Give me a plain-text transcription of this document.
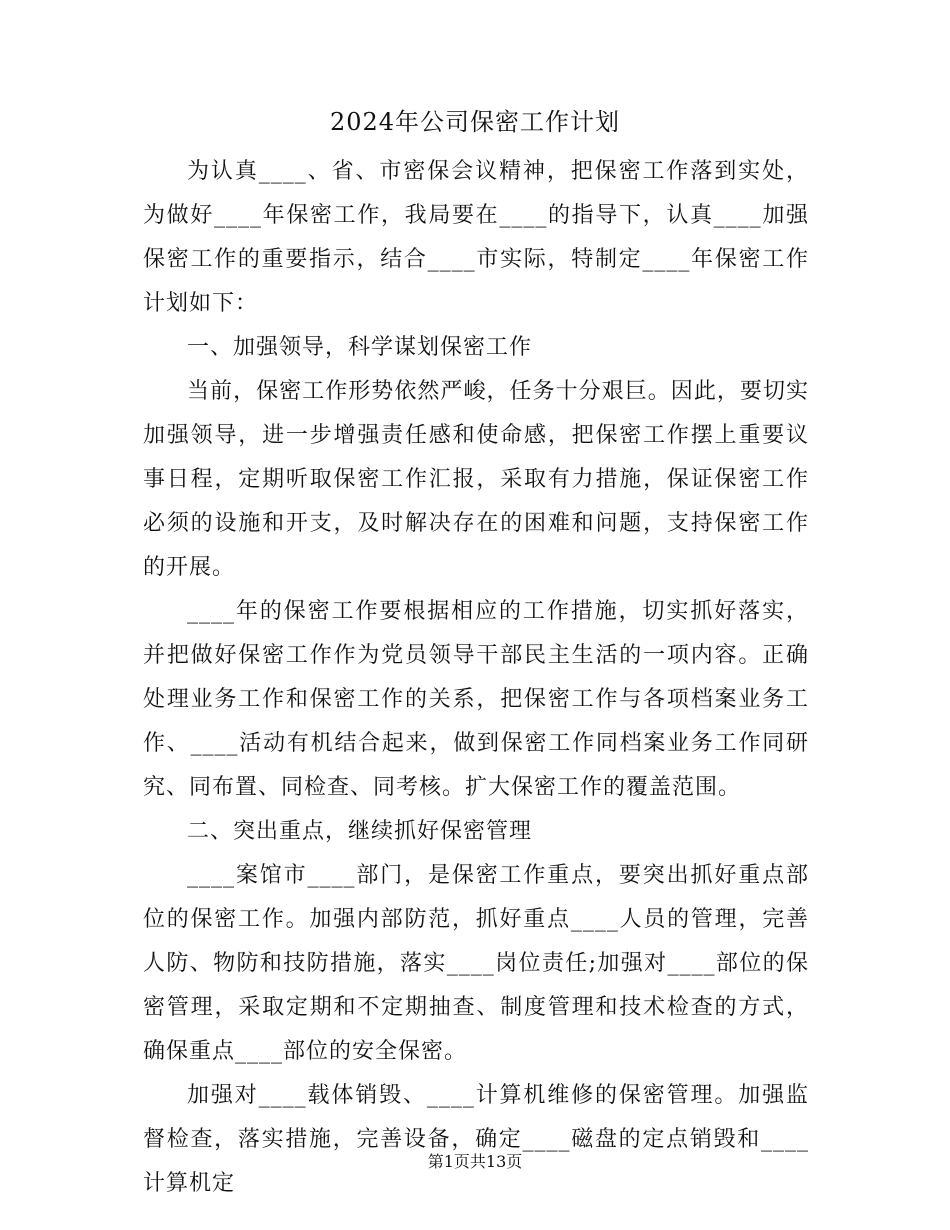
2024年公司保密工作计划

为认真____、省、市密保会议精神，把保密工作落到实处，为做好____年保密工作，我局要在____的指导下，认真____加强保密工作的重要指示，结合____市实际，特制定____年保密工作计划如下：

一、加强领导，科学谋划保密工作

当前，保密工作形势依然严峻，任务十分艰巨。因此，要切实加强领导，进一步增强责任感和使命感，把保密工作摆上重要议事日程，定期听取保密工作汇报，采取有力措施，保证保密工作必须的设施和开支，及时解决存在的困难和问题，支持保密工作的开展。

____年的保密工作要根据相应的工作措施，切实抓好落实，并把做好保密工作作为党员领导干部民主生活的一项内容。正确处理业务工作和保密工作的关系，把保密工作与各项档案业务工作、____活动有机结合起来，做到保密工作同档案业务工作同研究、同布置、同检查、同考核。扩大保密工作的覆盖范围。

二、突出重点，继续抓好保密管理

____案馆市____部门，是保密工作重点，要突出抓好重点部位的保密工作。加强内部防范，抓好重点____人员的管理，完善人防、物防和技防措施，落实____岗位责任;加强对____部位的保密管理，采取定期和不定期抽查、制度管理和技术检查的方式，确保重点____部位的安全保密。

加强对____载体销毁、____计算机维修的保密管理。加强监督检查，落实措施，完善设备，确定____磁盘的定点销毁和____计算机定

第1页共13页
